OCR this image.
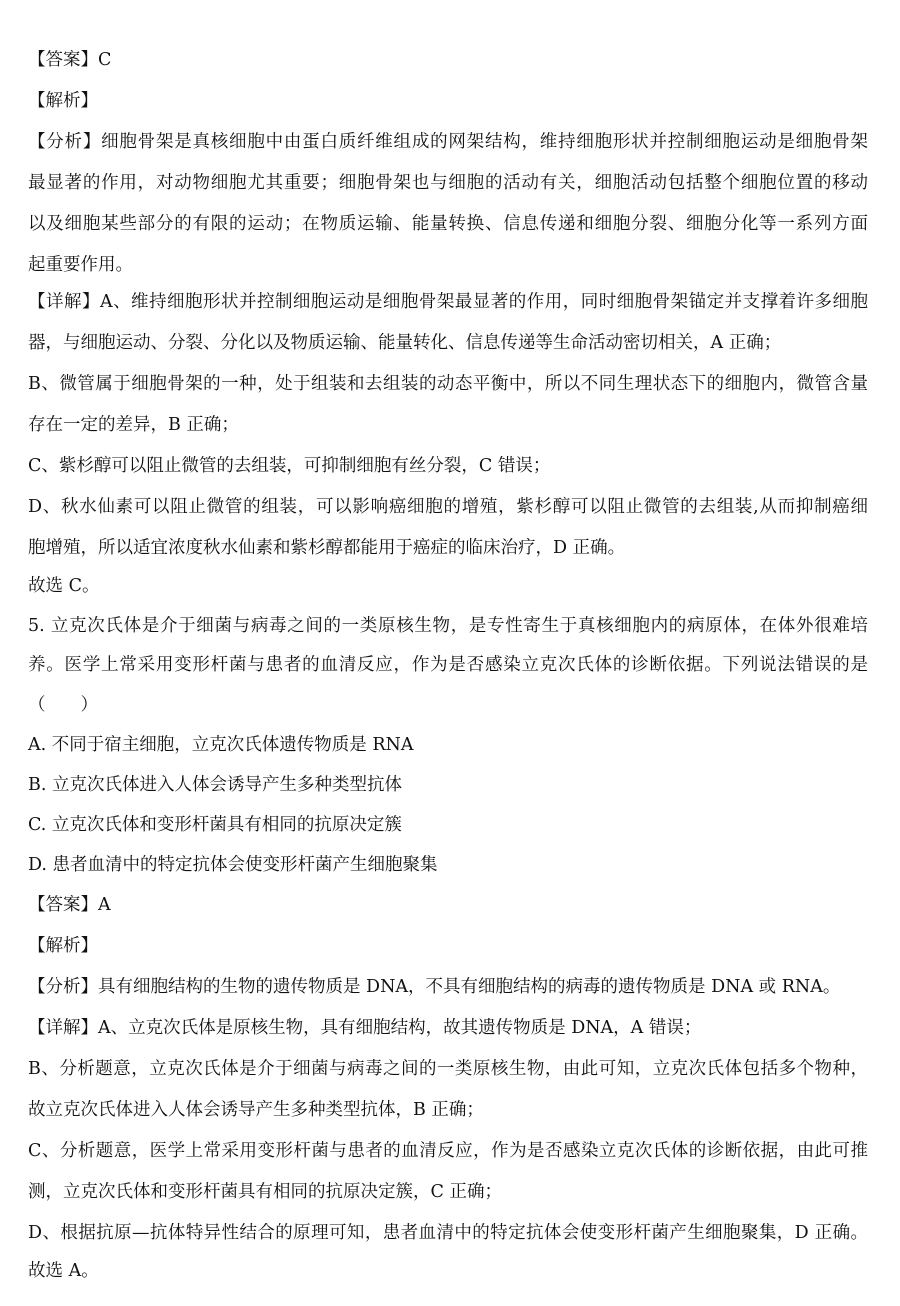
【答案】C
【解析】
【分析】细胞骨架是真核细胞中由蛋白质纤维组成的网架结构，维持细胞形状并控制细胞运动是细胞骨架
最显著的作用，对动物细胞尤其重要；细胞骨架也与细胞的活动有关，细胞活动包括整个细胞位置的移动
以及细胞某些部分的有限的运动；在物质运输、能量转换、信息传递和细胞分裂、细胞分化等一系列方面
起重要作用。
【详解】A、维持细胞形状并控制细胞运动是细胞骨架最显著的作用，同时细胞骨架锚定并支撑着许多细胞
器，与细胞运动、分裂、分化以及物质运输、能量转化、信息传递等生命活动密切相关，A 正确；
B、微管属于细胞骨架的一种，处于组装和去组装的动态平衡中，所以不同生理状态下的细胞内，微管含量
存在一定的差异，B 正确；
C、紫杉醇可以阻止微管的去组装，可抑制细胞有丝分裂，C 错误；
D、秋水仙素可以阻止微管的组装，可以影响癌细胞的增殖，紫杉醇可以阻止微管的去组装,从而抑制癌细
胞增殖，所以适宜浓度秋水仙素和紫杉醇都能用于癌症的临床治疗，D 正确。
故选 C。
5. 立克次氏体是介于细菌与病毒之间的一类原核生物，是专性寄生于真核细胞内的病原体，在体外很难培
养。医学上常采用变形杆菌与患者的血清反应，作为是否感染立克次氏体的诊断依据。下列说法错误的是
（　　）
A. 不同于宿主细胞，立克次氏体遗传物质是 RNA
B. 立克次氏体进入人体会诱导产生多种类型抗体
C. 立克次氏体和变形杆菌具有相同的抗原决定簇
D. 患者血清中的特定抗体会使变形杆菌产生细胞聚集
【答案】A
【解析】
【分析】具有细胞结构的生物的遗传物质是 DNA，不具有细胞结构的病毒的遗传物质是 DNA 或 RNA。
【详解】A、立克次氏体是原核生物，具有细胞结构，故其遗传物质是 DNA，A 错误；
B、分析题意，立克次氏体是介于细菌与病毒之间的一类原核生物，由此可知，立克次氏体包括多个物种，
故立克次氏体进入人体会诱导产生多种类型抗体，B 正确；
C、分析题意，医学上常采用变形杆菌与患者的血清反应，作为是否感染立克次氏体的诊断依据，由此可推
测，立克次氏体和变形杆菌具有相同的抗原决定簇，C 正确；
D、根据抗原—抗体特异性结合的原理可知，患者血清中的特定抗体会使变形杆菌产生细胞聚集，D 正确。
故选 A。
